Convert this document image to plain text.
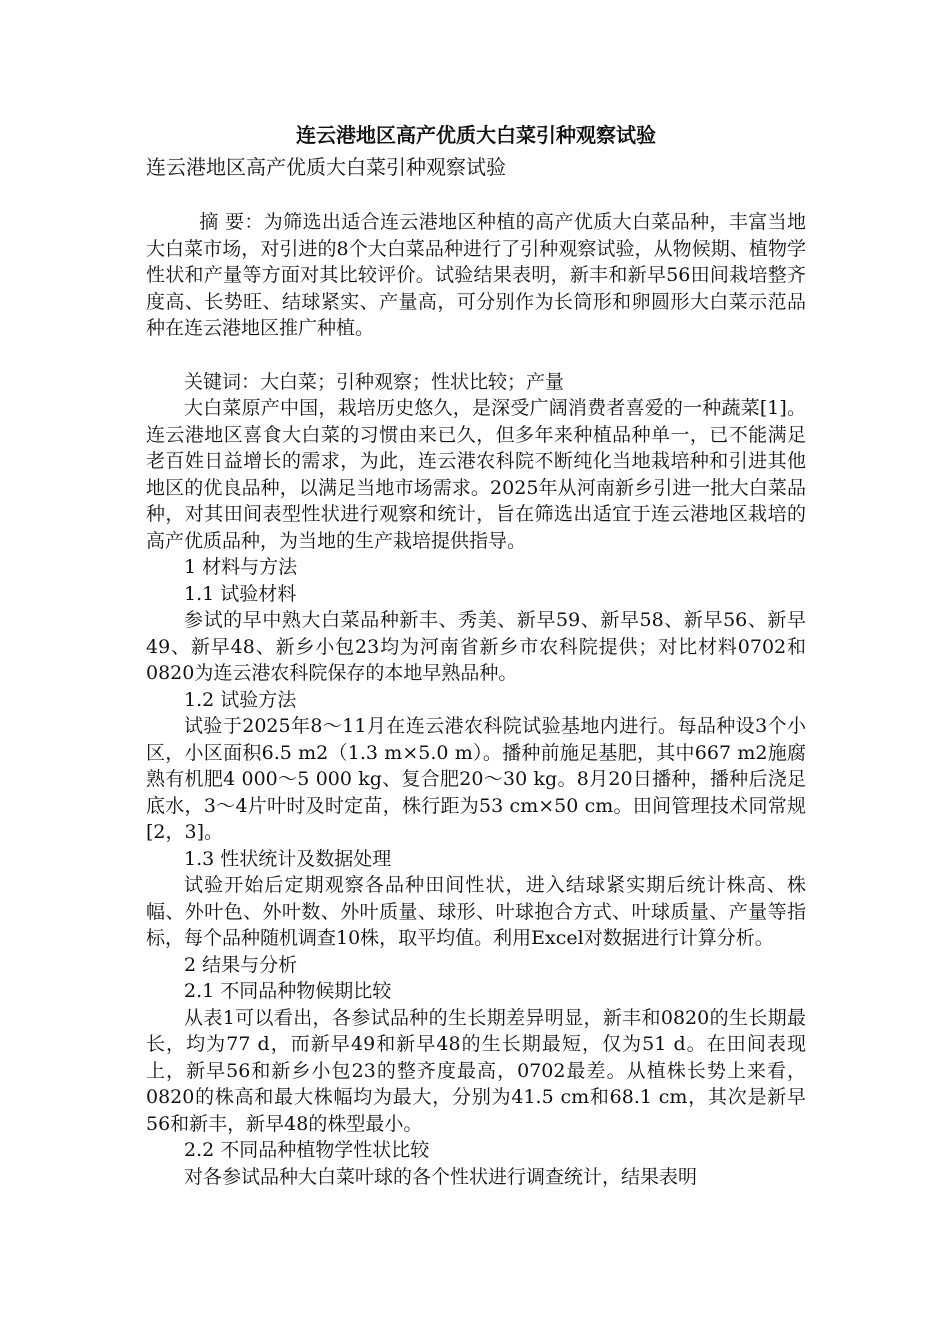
连云港地区高产优质大白菜引种观察试验
连云港地区高产优质大白菜引种观察试验

摘 要：为筛选出适合连云港地区种植的高产优质大白菜品种，丰富当地大白菜市场，对引进的8个大白菜品种进行了引种观察试验，从物候期、植物学性状和产量等方面对其比较评价。试验结果表明，新丰和新早56田间栽培整齐度高、长势旺、结球紧实、产量高，可分别作为长筒形和卵圆形大白菜示范品种在连云港地区推广种植。

关键词：大白菜；引种观察；性状比较；产量

大白菜原产中国，栽培历史悠久，是深受广阔消费者喜爱的一种蔬菜[1]。连云港地区喜食大白菜的习惯由来已久，但多年来种植品种单一，已不能满足老百姓日益增长的需求，为此，连云港农科院不断纯化当地栽培种和引进其他地区的优良品种，以满足当地市场需求。2025年从河南新乡引进一批大白菜品种，对其田间表型性状进行观察和统计，旨在筛选出适宜于连云港地区栽培的高产优质品种，为当地的生产栽培提供指导。

1 材料与方法

1.1 试验材料

参试的早中熟大白菜品种新丰、秀美、新早59、新早58、新早56、新早49、新早48、新乡小包23均为河南省新乡市农科院提供；对比材料0702和0820为连云港农科院保存的本地早熟品种。

1.2 试验方法

试验于2025年8～11月在连云港农科院试验基地内进行。每品种设3个小区，小区面积6.5 m2（1.3 m×5.0 m）。播种前施足基肥，其中667 m2施腐熟有机肥4 000～5 000 kg、复合肥20～30 kg。8月20日播种，播种后浇足底水，3～4片叶时及时定苗，株行距为53 cm×50 cm。田间管理技术同常规[2，3]。

1.3 性状统计及数据处理

试验开始后定期观察各品种田间性状，进入结球紧实期后统计株高、株幅、外叶色、外叶数、外叶质量、球形、叶球抱合方式、叶球质量、产量等指标，每个品种随机调查10株，取平均值。利用Excel对数据进行计算分析。

2 结果与分析

2.1 不同品种物候期比较

从表1可以看出，各参试品种的生长期差异明显，新丰和0820的生长期最长，均为77 d，而新早49和新早48的生长期最短，仅为51 d。在田间表现上，新早56和新乡小包23的整齐度最高，0702最差。从植株长势上来看，0820的株高和最大株幅均为最大，分别为41.5 cm和68.1 cm，其次是新早56和新丰，新早48的株型最小。

2.2 不同品种植物学性状比较

对各参试品种大白菜叶球的各个性状进行调查统计，结果表明
